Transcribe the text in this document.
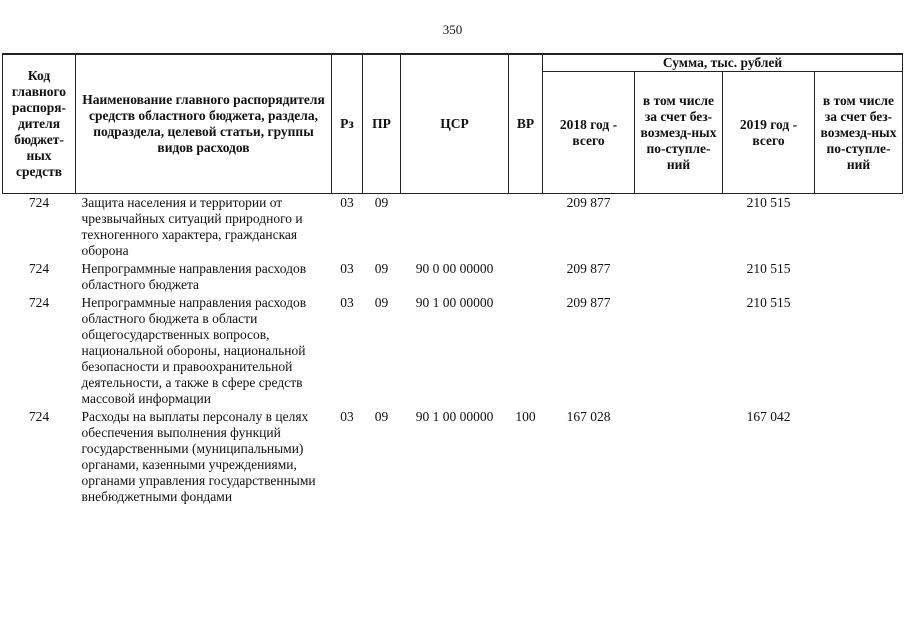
350
Код главного распоря-дителя бюджет-ных средств	Наименование главного распорядителя средств областного бюджета, раздела, подраздела, целевой статьи, группы видов расходов	Рз	ПР	ЦСР	ВР	Сумма, тыс. рублей			
						2018 год - всего	в том числе за счет без-возмезд-ных по-ступле-ний	2019 год - всего	в том числе за счет без-возмезд-ных по-ступле-ний
724	Защита населения и территории от чрезвычайных ситуаций природного и техногенного характера, гражданская оборона	03	09			209 877		210 515	
724	Непрограммные направления расходов областного бюджета	03	09	90 0 00 00000		209 877		210 515	
724	Непрограммные направления расходов областного бюджета в области общегосударственных вопросов, национальной обороны, национальной безопасности и правоохранительной деятельности, а также в сфере средств массовой информации	03	09	90 1 00 00000		209 877		210 515	
724	Расходы на выплаты персоналу в целях обеспечения выполнения функций государственными (муниципальными) органами, казенными учреждениями, органами управления государственными внебюджетными фондами	03	09	90 1 00 00000	100	167 028		167 042	
